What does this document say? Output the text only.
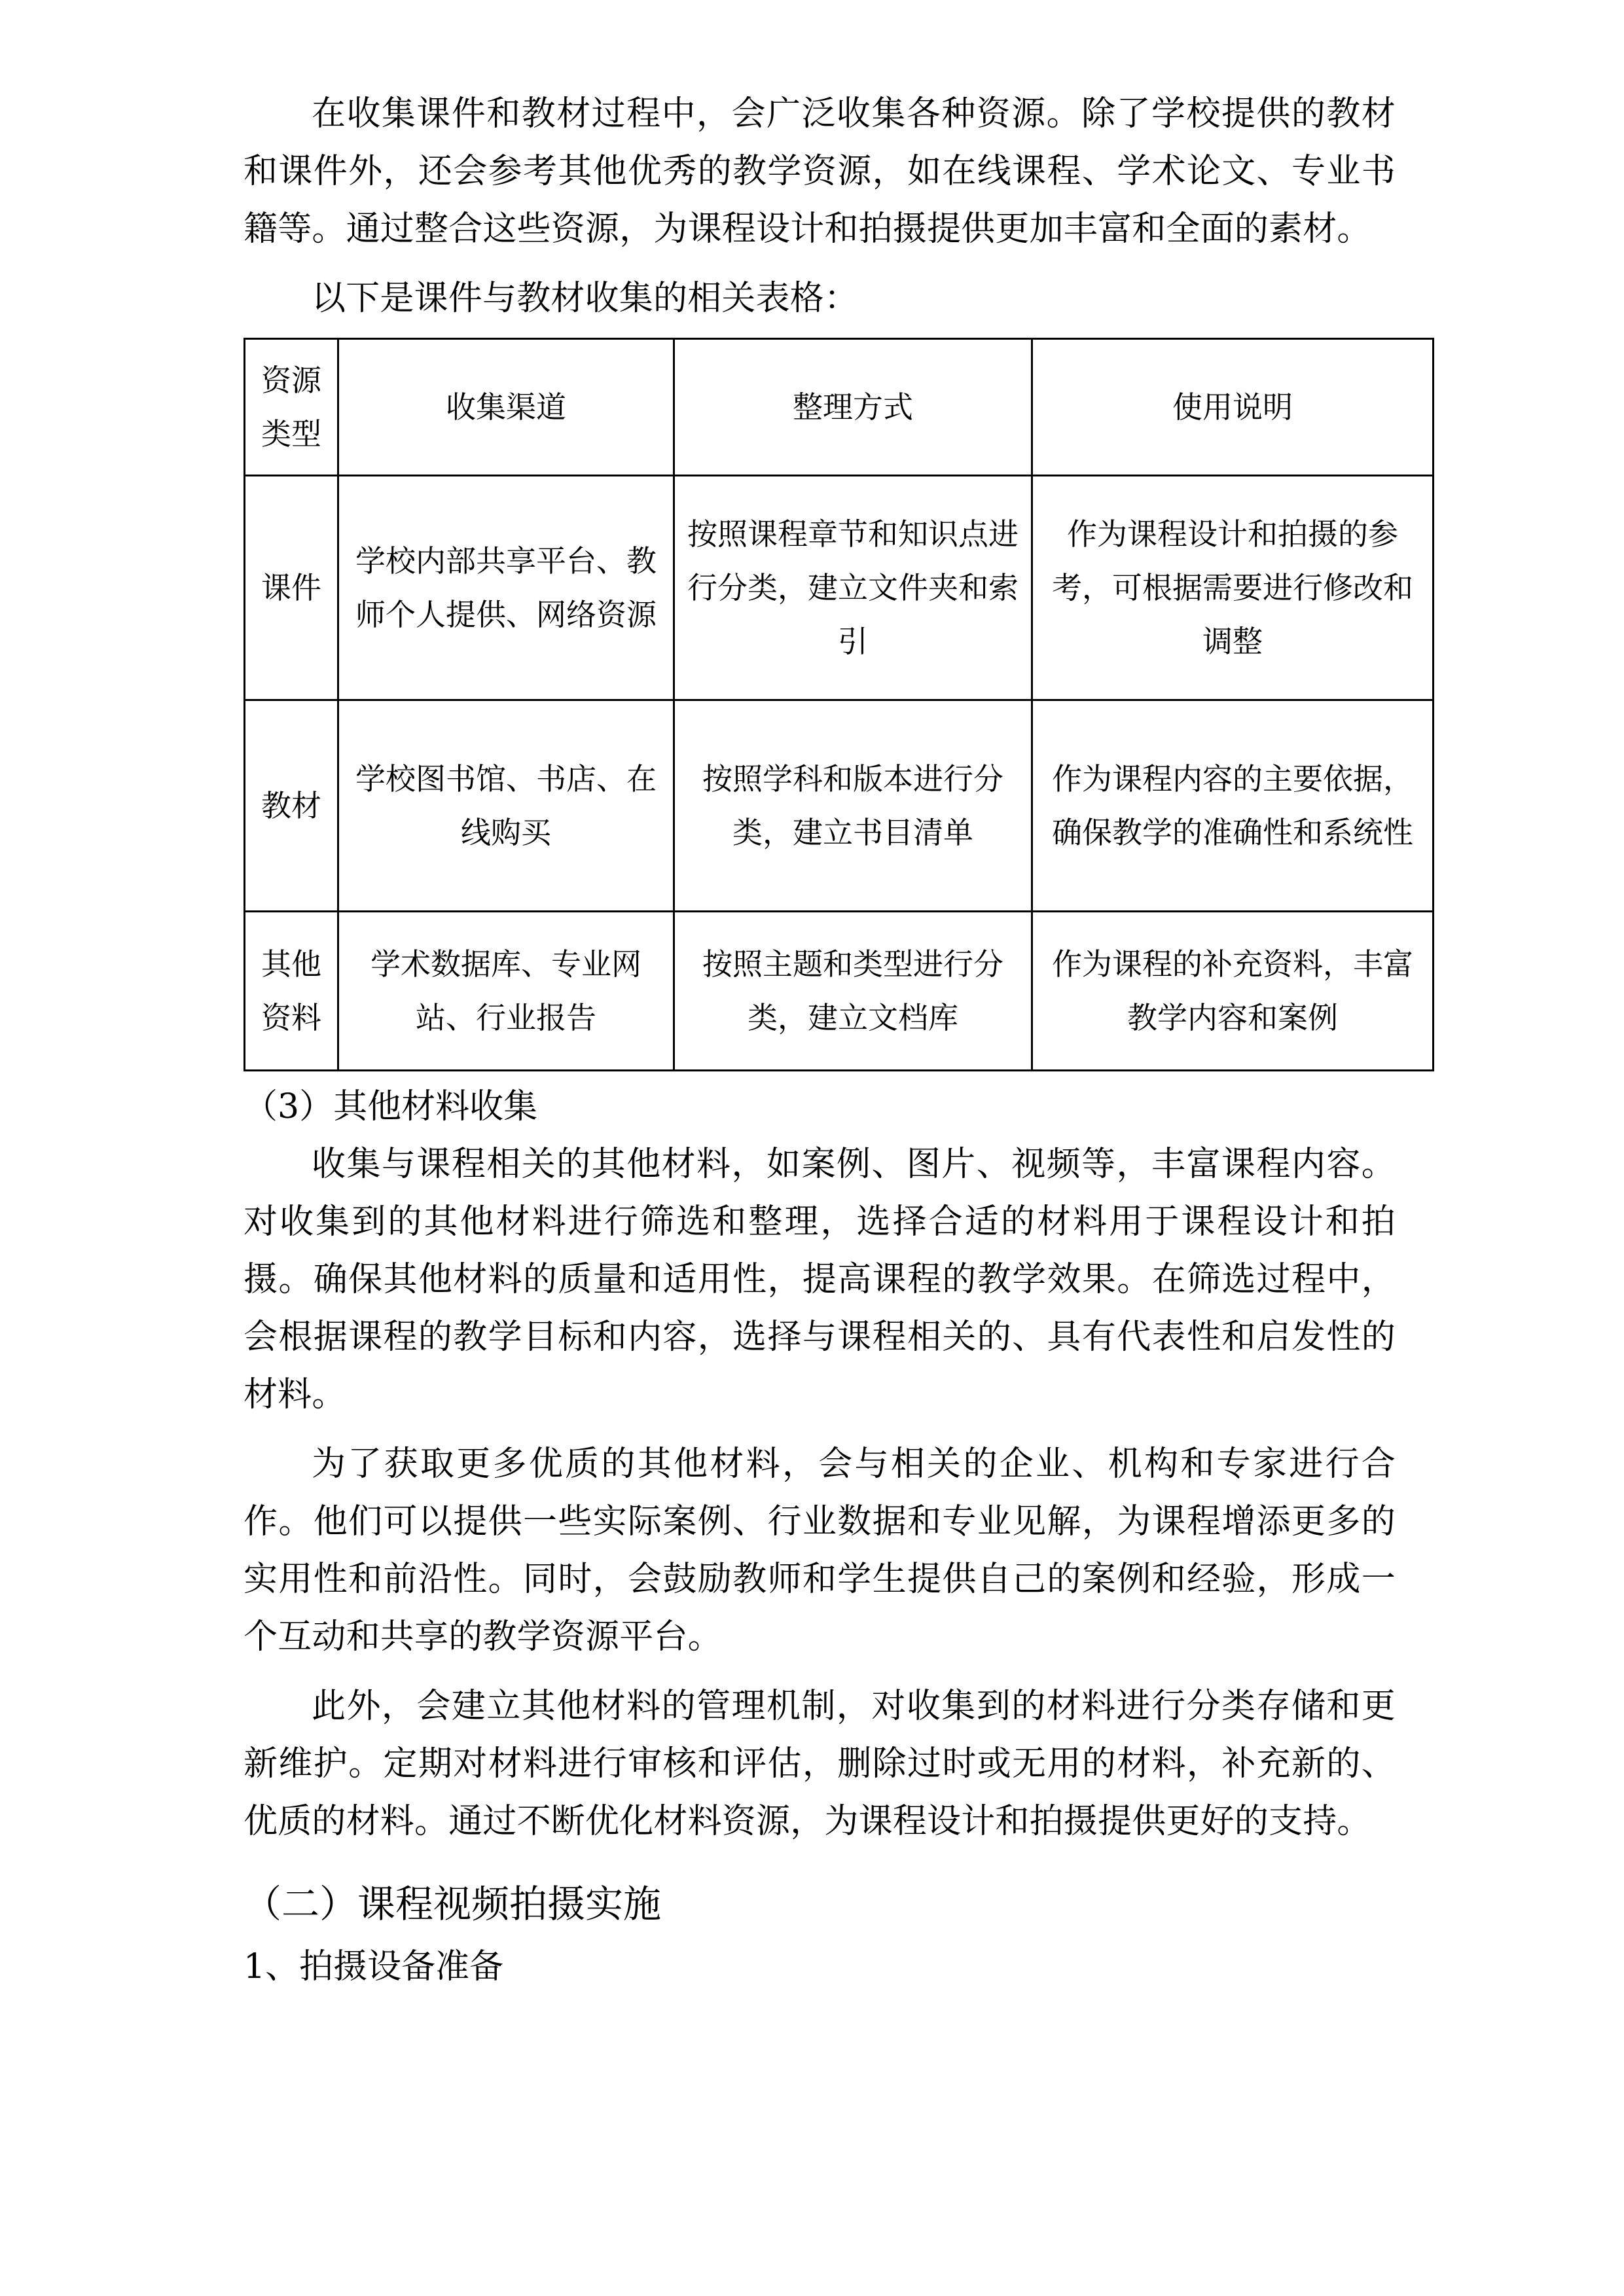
在收集课件和教材过程中，会广泛收集各种资源。除了学校提供的教材和课件外，还会参考其他优秀的教学资源，如在线课程、学术论文、专业书籍等。通过整合这些资源，为课程设计和拍摄提供更加丰富和全面的素材。

以下是课件与教材收集的相关表格：

资源类型	收集渠道	整理方式	使用说明
课件	学校内部共享平台、教师个人提供、网络资源	按照课程章节和知识点进行分类，建立文件夹和索引	作为课程设计和拍摄的参考，可根据需要进行修改和调整
教材	学校图书馆、书店、在线购买	按照学科和版本进行分类，建立书目清单	作为课程内容的主要依据，确保教学的准确性和系统性
其他资料	学术数据库、专业网站、行业报告	按照主题和类型进行分类，建立文档库	作为课程的补充资料，丰富教学内容和案例

（3）其他材料收集

收集与课程相关的其他材料，如案例、图片、视频等，丰富课程内容。对收集到的其他材料进行筛选和整理，选择合适的材料用于课程设计和拍摄。确保其他材料的质量和适用性，提高课程的教学效果。在筛选过程中，会根据课程的教学目标和内容，选择与课程相关的、具有代表性和启发性的材料。

为了获取更多优质的其他材料，会与相关的企业、机构和专家进行合作。他们可以提供一些实际案例、行业数据和专业见解，为课程增添更多的实用性和前沿性。同时，会鼓励教师和学生提供自己的案例和经验，形成一个互动和共享的教学资源平台。

此外，会建立其他材料的管理机制，对收集到的材料进行分类存储和更新维护。定期对材料进行审核和评估，删除过时或无用的材料，补充新的、优质的材料。通过不断优化材料资源，为课程设计和拍摄提供更好的支持。

（二）课程视频拍摄实施

1、拍摄设备准备
